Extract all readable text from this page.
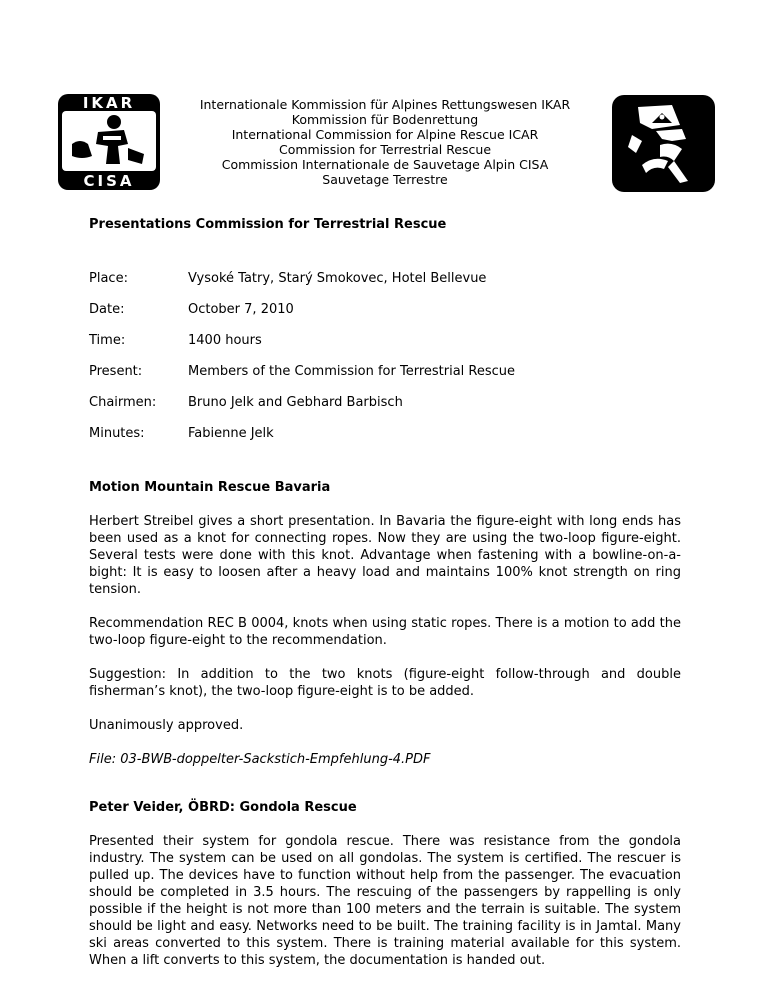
IKAR
CISA
Internationale Kommission für Alpines Rettungswesen IKAR
Kommission für Bodenrettung
International Commission for Alpine Rescue ICAR
Commission for Terrestrial Rescue
Commission Internationale de Sauvetage Alpin CISA
Sauvetage Terrestre

Presentations Commission for Terrestrial Rescue

Place:	Vysoké Tatry, Starý Smokovec, Hotel Bellevue
Date:	October 7, 2010
Time:	1400 hours
Present:	Members of the Commission for Terrestrial Rescue
Chairmen:	Bruno Jelk and Gebhard Barbisch
Minutes:	Fabienne Jelk

Motion Mountain Rescue Bavaria

Herbert Streibel gives a short presentation. In Bavaria the figure-eight with long ends has been used as a knot for connecting ropes. Now they are using the two-loop figure-eight. Several tests were done with this knot. Advantage when fastening with a bowline-on-a-bight: It is easy to loosen after a heavy load and maintains 100% knot strength on ring tension.

Recommendation REC B 0004, knots when using static ropes. There is a motion to add the two-loop figure-eight to the recommendation.

Suggestion: In addition to the two knots (figure-eight follow-through and double fisherman’s knot), the two-loop figure-eight is to be added.

Unanimously approved.

File: 03-BWB-doppelter-Sackstich-Empfehlung-4.PDF

Peter Veider, ÖBRD: Gondola Rescue

Presented their system for gondola rescue. There was resistance from the gondola industry. The system can be used on all gondolas. The system is certified. The rescuer is pulled up. The devices have to function without help from the passenger. The evacuation should be completed in 3.5 hours. The rescuing of the passengers by rappelling is only possible if the height is not more than 100 meters and the terrain is suitable. The system should be light and easy. Networks need to be built. The training facility is in Jamtal. Many ski areas converted to this system. There is training material available for this system. When a lift converts to this system, the documentation is handed out.
